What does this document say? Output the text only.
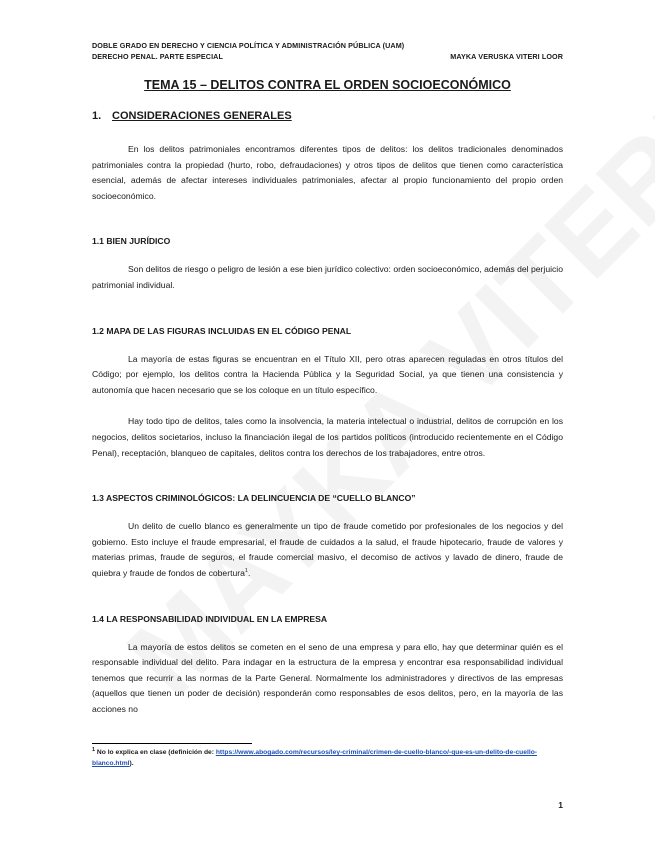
DOBLE GRADO EN DERECHO Y CIENCIA POLÍTICA Y ADMINISTRACIÓN PÚBLICA (UAM)
DERECHO PENAL. PARTE ESPECIAL	MAYKA VERUSKA VITERI LOOR
TEMA 15 – DELITOS CONTRA EL ORDEN SOCIOECONÓMICO
1. CONSIDERACIONES GENERALES

En los delitos patrimoniales encontramos diferentes tipos de delitos: los delitos tradicionales denominados patrimoniales contra la propiedad (hurto, robo, defraudaciones) y otros tipos de delitos que tienen como característica esencial, además de afectar intereses individuales patrimoniales, afectar al propio funcionamiento del propio orden socioeconómico.

1.1 BIEN JURÍDICO

Son delitos de riesgo o peligro de lesión a ese bien jurídico colectivo: orden socioeconómico, además del perjuicio patrimonial individual.

1.2 MAPA DE LAS FIGURAS INCLUIDAS EN EL CÓDIGO PENAL

La mayoría de estas figuras se encuentran en el Título XII, pero otras aparecen reguladas en otros títulos del Código; por ejemplo, los delitos contra la Hacienda Pública y la Seguridad Social, ya que tienen una consistencia y autonomía que hacen necesario que se los coloque en un título específico.

Hay todo tipo de delitos, tales como la insolvencia, la materia intelectual o industrial, delitos de corrupción en los negocios, delitos societarios, incluso la financiación ilegal de los partidos políticos (introducido recientemente en el Código Penal), receptación, blanqueo de capitales, delitos contra los derechos de los trabajadores, entre otros.

1.3 ASPECTOS CRIMINOLÓGICOS: LA DELINCUENCIA DE “CUELLO BLANCO”

Un delito de cuello blanco es generalmente un tipo de fraude cometido por profesionales de los negocios y del gobierno. Esto incluye el fraude empresarial, el fraude de cuidados a la salud, el fraude hipotecario, fraude de valores y materias primas, fraude de seguros, el fraude comercial masivo, el decomiso de activos y lavado de dinero, fraude de quiebra y fraude de fondos de cobertura$^1$.

1.4 LA RESPONSABILIDAD INDIVIDUAL EN LA EMPRESA

La mayoría de estos delitos se cometen en el seno de una empresa y para ello, hay que determinar quién es el responsable individual del delito. Para indagar en la estructura de la empresa y encontrar esa responsabilidad individual tenemos que recurrir a las normas de la Parte General. Normalmente los administradores y directivos de las empresas (aquellos que tienen un poder de decisión) responderán como responsables de esos delitos, pero, en la mayoría de las acciones no

$^1$ No lo explica en clase (definición de: https://www.abogado.com/recursos/ley-criminal/crimen-de-cuello-blanco/-que-es-un-delito-de-cuello-blanco.html).
1
